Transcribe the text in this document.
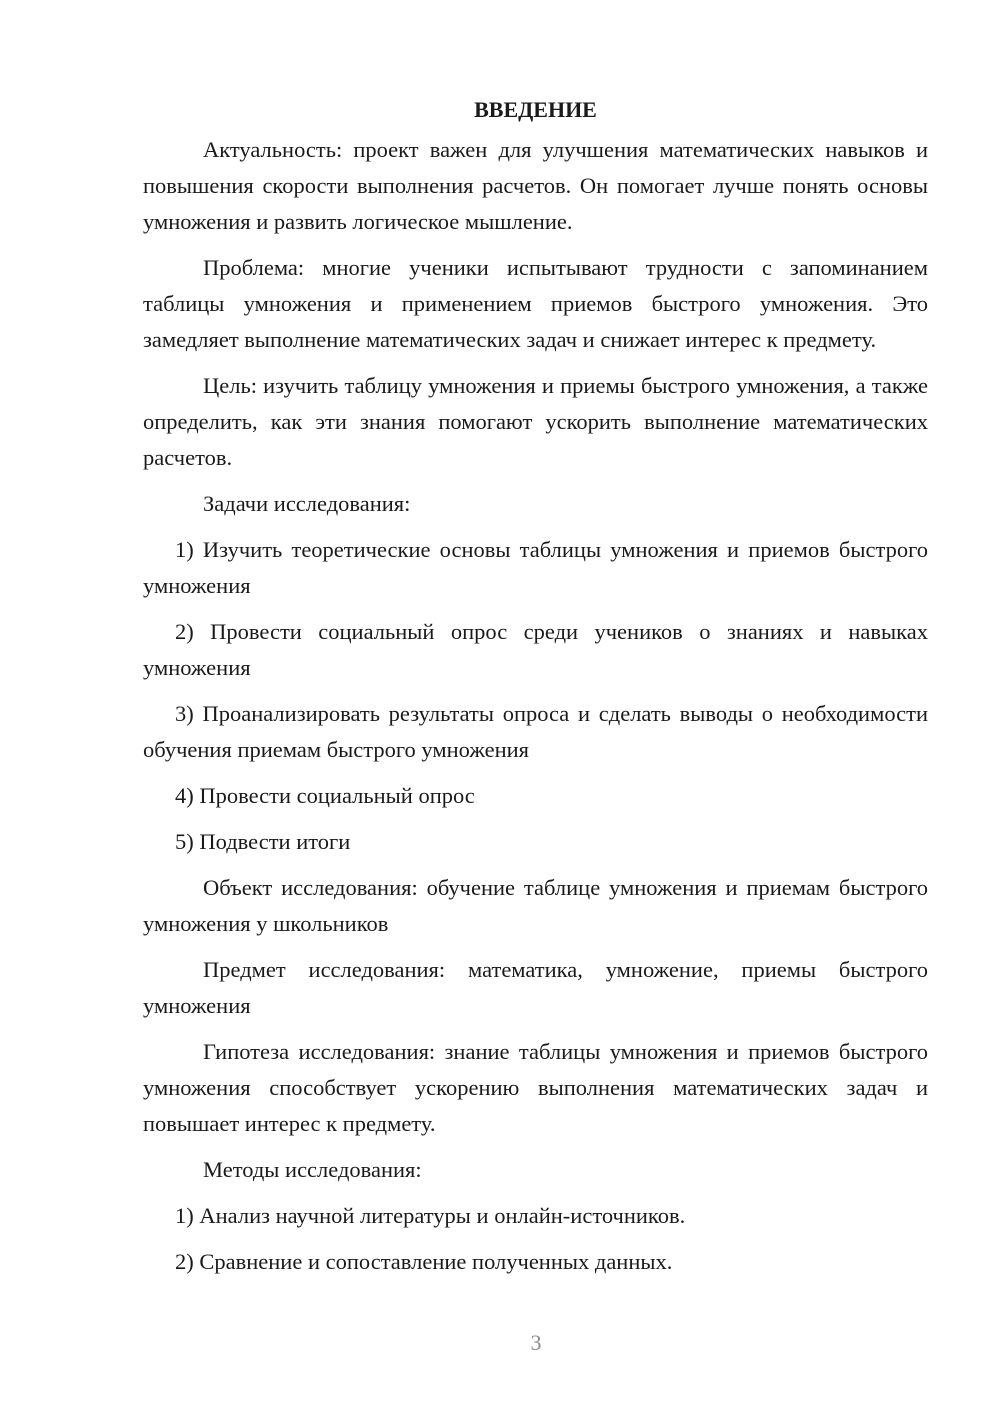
ВВЕДЕНИЕ

Актуальность: проект важен для улучшения математических навыков и повышения скорости выполнения расчетов. Он помогает лучше понять основы умножения и развить логическое мышление.

Проблема: многие ученики испытывают трудности с запоминанием таблицы умножения и применением приемов быстрого умножения. Это замедляет выполнение математических задач и снижает интерес к предмету.

Цель: изучить таблицу умножения и приемы быстрого умножения, а также определить, как эти знания помогают ускорить выполнение математических расчетов.

Задачи исследования:

1) Изучить теоретические основы таблицы умножения и приемов быстрого умножения

2) Провести социальный опрос среди учеников о знаниях и навыках умножения

3) Проанализировать результаты опроса и сделать выводы о необходимости обучения приемам быстрого умножения

4) Провести социальный опрос

5) Подвести итоги

Объект исследования: обучение таблице умножения и приемам быстрого умножения у школьников

Предмет исследования: математика, умножение, приемы быстрого умножения

Гипотеза исследования: знание таблицы умножения и приемов быстрого умножения способствует ускорению выполнения математических задач и повышает интерес к предмету.

Методы исследования:

1) Анализ научной литературы и онлайн-источников.

2) Сравнение и сопоставление полученных данных.

3
